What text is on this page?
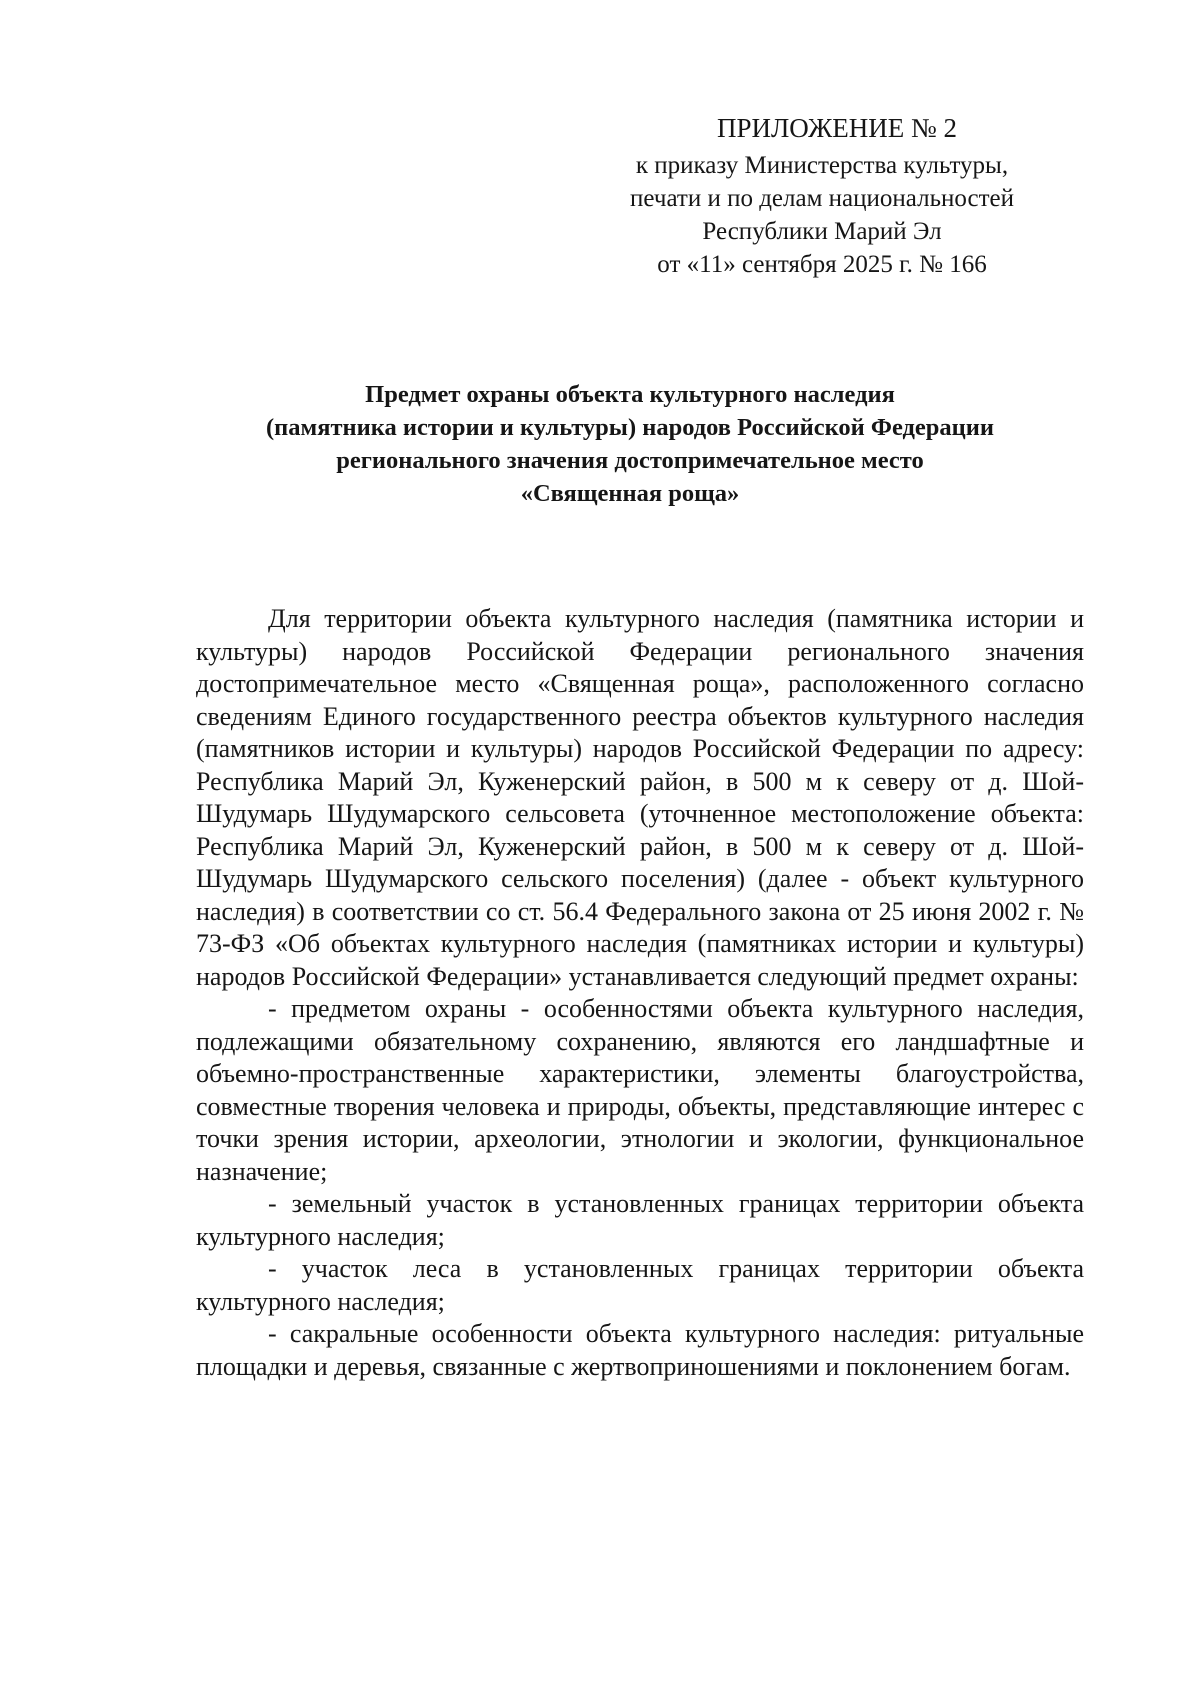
ПРИЛОЖЕНИЕ № 2
к приказу Министерства культуры,
печати и по делам национальностей
Республики Марий Эл
от «11» сентября 2025 г. № 166
Предмет охраны объекта культурного наследия
(памятника истории и культуры) народов Российской Федерации
регионального значения достопримечательное место
«Священная роща»

Для территории объекта культурного наследия (памятника истории и культуры) народов Российской Федерации регионального значения достопримечательное место «Священная роща», расположенного согласно сведениям Единого государственного реестра объектов культурного наследия (памятников истории и культуры) народов Российской Федерации по адресу: Республика Марий Эл, Куженерский район, в 500 м к северу от д. Шой-Шудумарь Шудумарского сельсовета (уточненное местоположение объекта: Республика Марий Эл, Куженерский район, в 500 м к северу от д. Шой-Шудумарь Шудумарского сельского поселения) (далее - объект культурного наследия) в соответствии со ст. 56.4 Федерального закона от 25 июня 2002 г. № 73-ФЗ «Об объектах культурного наследия (памятниках истории и культуры) народов Российской Федерации» устанавливается следующий предмет охраны:

- предметом охраны - особенностями объекта культурного наследия, подлежащими обязательному сохранению, являются его ландшафтные и объемно-пространственные характеристики, элементы благоустройства, совместные творения человека и природы, объекты, представляющие интерес с точки зрения истории, археологии, этнологии и экологии, функциональное назначение;

- земельный участок в установленных границах территории объекта культурного наследия;

- участок леса в установленных границах территории объекта культурного наследия;

- сакральные особенности объекта культурного наследия: ритуальные площадки и деревья, связанные с жертвоприношениями и поклонением богам.
